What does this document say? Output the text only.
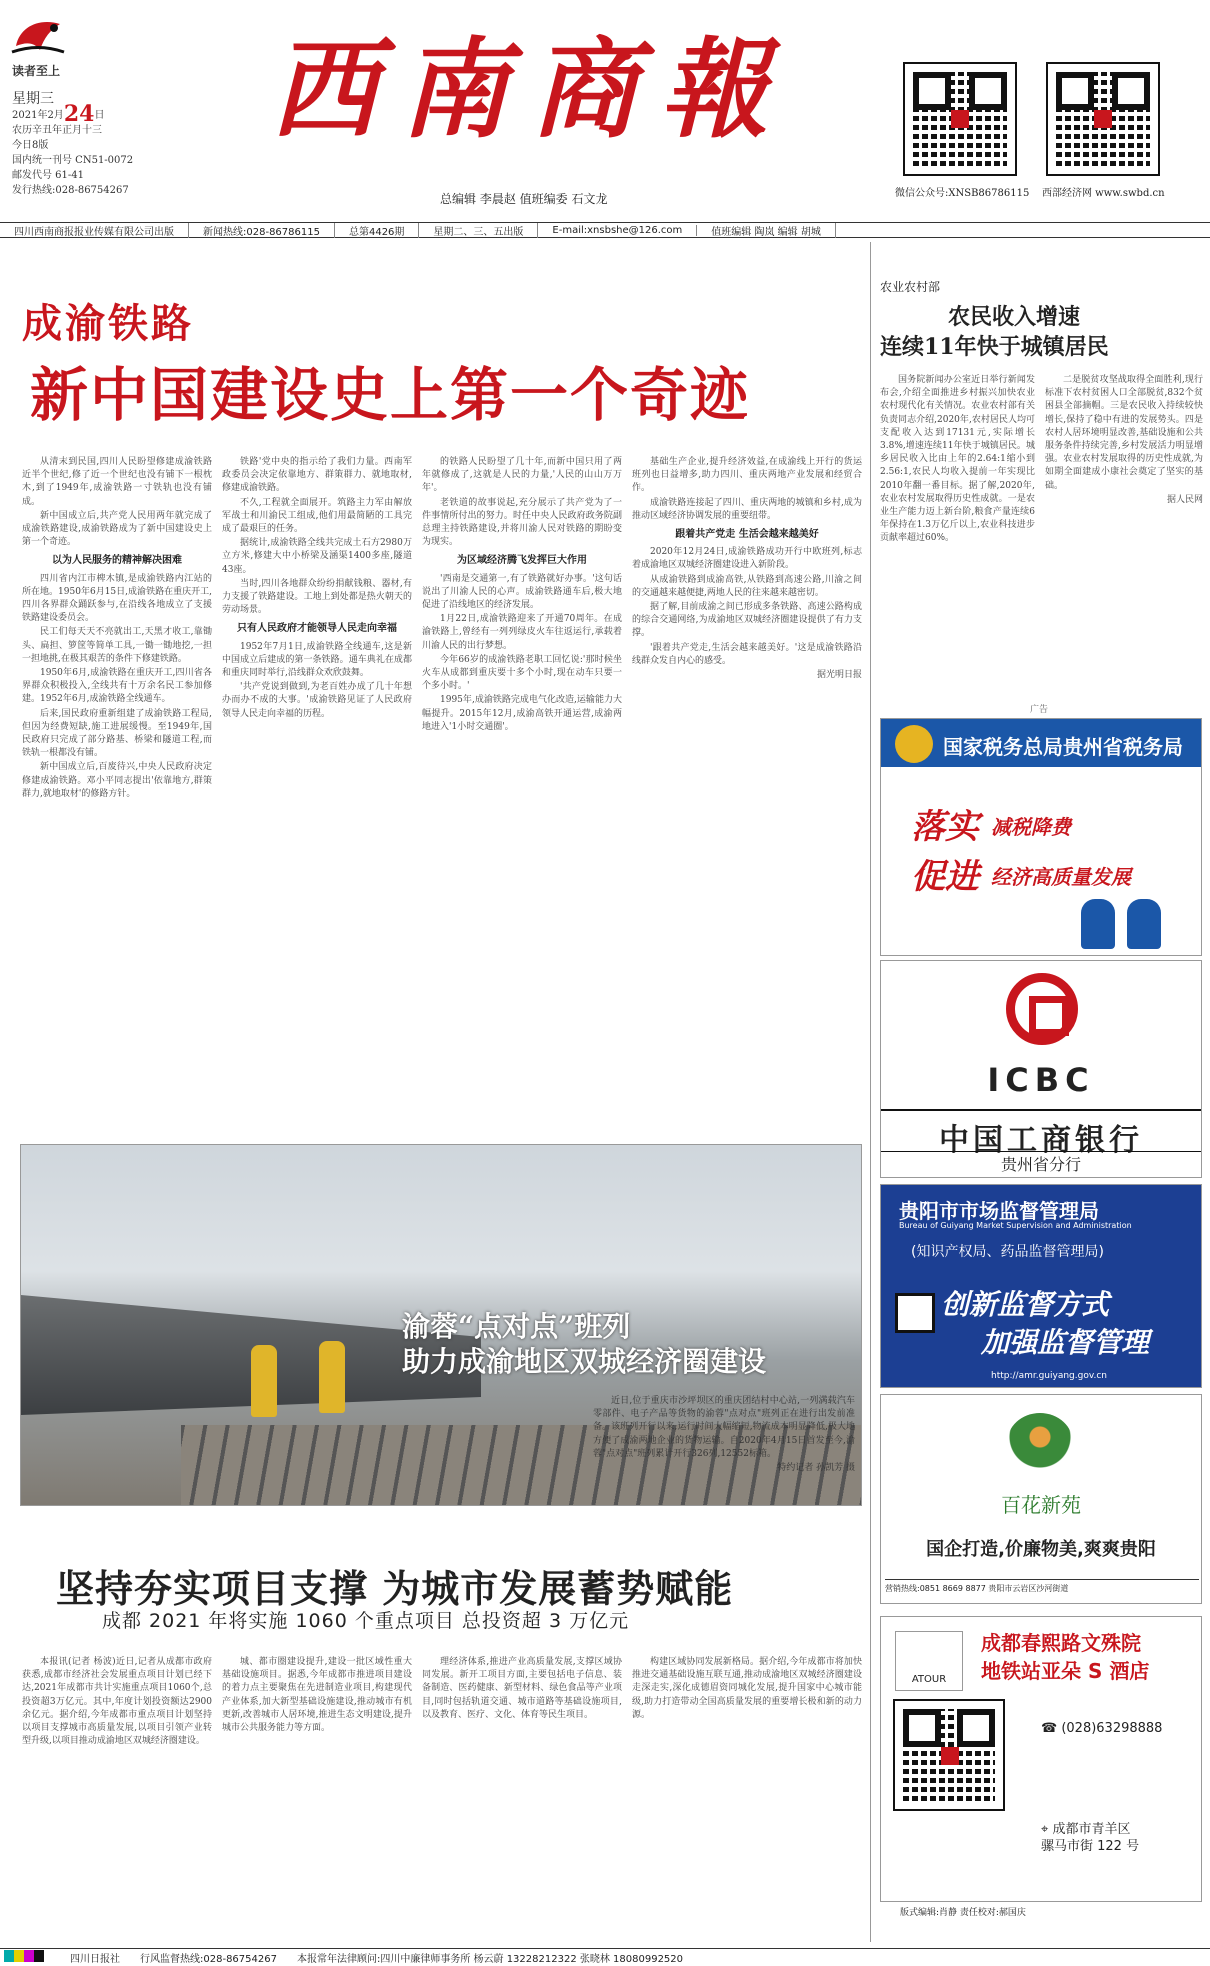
读者至上
星期三
2021年2月24日
农历辛丑年正月十三
今日8版
国内统一刊号 CN51-0072
邮发代号 61-41
发行热线:028-86754267
西南商報
总编辑 李晨赵 值班编委 石文龙	微信公众号:XNSB86786115 西部经济网 www.swbd.cn
四川西南商报报业传媒有限公司出版	新闻热线:028-86786115	总第4426期	星期二、三、五出版	E-mail:xnsbshe@126.com	值班编辑 陶岚 编辑 胡城
成渝铁路
新中国建设史上第一个奇迹

从清末到民国,四川人民盼望修建成渝铁路近半个世纪,修了近一个世纪也没有铺下一根枕木,到了1949年,成渝铁路一寸铁轨也没有铺成。

新中国成立后,共产党人民用两年就完成了成渝铁路建设,成渝铁路成为了新中国建设史上第一个奇迹。

以为人民服务的精神解决困难

四川省内江市椑木镇,是成渝铁路内江站的所在地。1950年6月15日,成渝铁路在重庆开工,四川各界群众踊跃参与,在沿线各地成立了支援铁路建设委员会。

民工们每天天不亮就出工,天黑才收工,靠锄头、扁担、箩筐等简单工具,一锄一锄地挖,一担一担地挑,在极其艰苦的条件下修建铁路。

1950年6月,成渝铁路在重庆开工,四川省各界群众积极投入,全线共有十万余名民工参加修建。1952年6月,成渝铁路全线通车。

后来,国民政府重新组建了成渝铁路工程局,但因为经费短缺,施工进展缓慢。至1949年,国民政府只完成了部分路基、桥梁和隧道工程,而铁轨一根都没有铺。

新中国成立后,百废待兴,中央人民政府决定修建成渝铁路。邓小平同志提出'依靠地方,群策群力,就地取材'的修路方针。

铁路'党中央的指示给了我们力量。西南军政委员会决定依靠地方、群策群力、就地取材,修建成渝铁路。

不久,工程就全面展开。筑路主力军由解放军战士和川渝民工组成,他们用最简陋的工具完成了最艰巨的任务。

据统计,成渝铁路全线共完成土石方2980万立方米,修建大中小桥梁及涵渠1400多座,隧道43座。

当时,四川各地群众纷纷捐献钱粮、器材,有力支援了铁路建设。工地上到处都是热火朝天的劳动场景。

只有人民政府才能领导人民走向幸福

1952年7月1日,成渝铁路全线通车,这是新中国成立后建成的第一条铁路。通车典礼在成都和重庆同时举行,沿线群众欢欣鼓舞。

'共产党说到做到,为老百姓办成了几十年想办而办不成的大事。'成渝铁路见证了人民政府领导人民走向幸福的历程。

的铁路人民盼望了几十年,而新中国只用了两年就修成了,这就是人民的力量,'人民的山山万万年'。

老铁道的故事说起,充分展示了共产党为了一件事情所付出的努力。时任中央人民政府政务院副总理主持铁路建设,并将川渝人民对铁路的期盼变为现实。

为区域经济腾飞发挥巨大作用

'西南是交通第一,有了铁路就好办事。'这句话说出了川渝人民的心声。成渝铁路通车后,极大地促进了沿线地区的经济发展。

1月22日,成渝铁路迎来了开通70周年。在成渝铁路上,曾经有一列列绿皮火车往返运行,承载着川渝人民的出行梦想。

今年66岁的成渝铁路老职工回忆说:'那时候坐火车从成都到重庆要十多个小时,现在动车只要一个多小时。'

1995年,成渝铁路完成电气化改造,运输能力大幅提升。2015年12月,成渝高铁开通运营,成渝两地进入'1小时交通圈'。

基础生产企业,提升经济效益,在成渝线上开行的货运班列也日益增多,助力四川、重庆两地产业发展和经贸合作。

成渝铁路连接起了四川、重庆两地的城镇和乡村,成为推动区域经济协调发展的重要纽带。

跟着共产党走 生活会越来越美好

2020年12月24日,成渝铁路成功开行中欧班列,标志着成渝地区双城经济圈建设进入新阶段。

从成渝铁路到成渝高铁,从铁路到高速公路,川渝之间的交通越来越便捷,两地人民的往来越来越密切。

据了解,目前成渝之间已形成多条铁路、高速公路构成的综合交通网络,为成渝地区双城经济圈建设提供了有力支撑。

'跟着共产党走,生活会越来越美好。'这是成渝铁路沿线群众发自内心的感受。

据光明日报
农业农村部
农民收入增速
连续11年快于城镇居民

国务院新闻办公室近日举行新闻发布会,介绍全面推进乡村振兴加快农业农村现代化有关情况。农业农村部有关负责同志介绍,2020年,农村居民人均可支配收入达到17131元,实际增长3.8%,增速连续11年快于城镇居民。城乡居民收入比由上年的2.64:1缩小到2.56:1,农民人均收入提前一年实现比2010年翻一番目标。据了解,2020年,农业农村发展取得历史性成就。一是农业生产能力迈上新台阶,粮食产量连续6年保持在1.3万亿斤以上,农业科技进步贡献率超过60%。

二是脱贫攻坚战取得全面胜利,现行标准下农村贫困人口全部脱贫,832个贫困县全部摘帽。三是农民收入持续较快增长,保持了稳中有进的发展势头。四是农村人居环境明显改善,基础设施和公共服务条件持续完善,乡村发展活力明显增强。农业农村发展取得的历史性成就,为如期全面建成小康社会奠定了坚实的基础。

据人民网
广告
国家税务总局贵州省税务局
落实 减税降费
促进 经济高质量发展
ICBC
中国工商银行
贵州省分行
贵阳市市场监督管理局
Bureau of Guiyang Market Supervision and Administration
(知识产权局、药品监督管理局)
创新监督方式
加强监督管理
http://amr.guiyang.gov.cn
百花新苑
国企打造,价廉物美,爽爽贵阳
营销热线:0851 8669 8877 贵阳市云岩区沙河街道
ATOUR
成都春熙路文殊院
地铁站亚朵 S 酒店
☎ (028)63298888
⌖ 成都市青羊区
骡马市街 122 号
版式编辑:肖静 责任校对:郝国庆

近日,位于重庆市沙坪坝区的重庆团结村中心站,一列满载汽车零部件、电子产品等货物的渝蓉"点对点"班列正在进行出发前准备。该班列开行以来,运行时间大幅缩短,物流成本明显降低,极大地方便了成渝两地企业的货物运输。自2020年4月15日首发至今,渝蓉"点对点"班列累计开行326列,12552标箱。

特约记者 孙凯芳 摄
渝蓉“点对点”班列
助力成渝地区双城经济圈建设
坚持夯实项目支撑 为城市发展蓄势赋能
成都 2021 年将实施 1060 个重点项目 总投资超 3 万亿元

本报讯(记者 杨波)近日,记者从成都市政府获悉,成都市经济社会发展重点项目计划已经下达,2021年成都市共计实施重点项目1060个,总投资超3万亿元。其中,年度计划投资额达2900余亿元。据介绍,今年成都市重点项目计划坚持以项目支撑城市高质量发展,以项目引领产业转型升级,以项目推动成渝地区双城经济圈建设。

城、都市圈建设提升,建设一批区域性重大基础设施项目。据悉,今年成都市推进项目建设的着力点主要聚焦在先进制造业项目,构建现代产业体系,加大新型基础设施建设,推动城市有机更新,改善城市人居环境,推进生态文明建设,提升城市公共服务能力等方面。

理经济体系,推进产业高质量发展,支撑区域协同发展。新开工项目方面,主要包括电子信息、装备制造、医药健康、新型材料、绿色食品等产业项目,同时包括轨道交通、城市道路等基础设施项目,以及教育、医疗、文化、体育等民生项目。

构建区域协同发展新格局。据介绍,今年成都市将加快推进交通基础设施互联互通,推动成渝地区双城经济圈建设走深走实,深化成德眉资同城化发展,提升国家中心城市能级,助力打造带动全国高质量发展的重要增长极和新的动力源。

四川日报社	行风监督热线:028-86754267	本报常年法律顾问:四川中廉律师事务所 杨云蔚 13228212322 张晓林 18080992520
